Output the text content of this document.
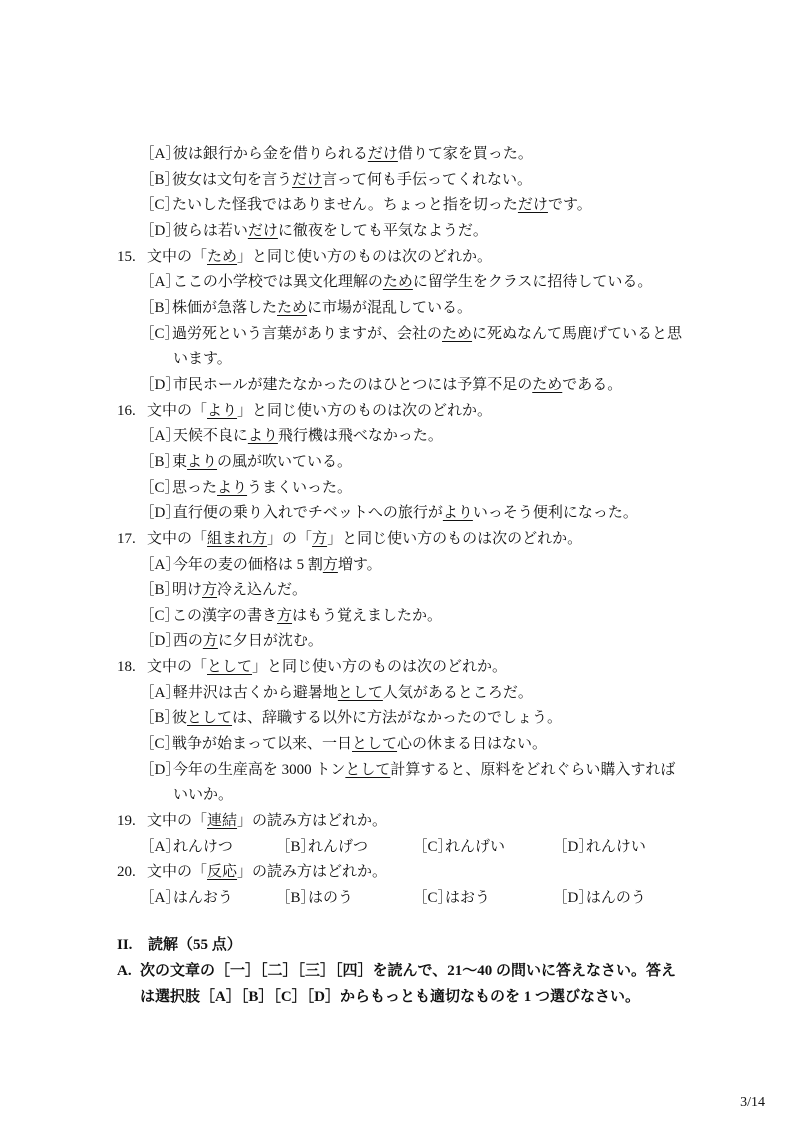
［A］ 彼は銀行から金を借りられる だけ 借りて家を買った。
［B］ 彼女は文句を言う だけ 言って何も手伝ってくれない。
［C］ たいした怪我ではありません。ちょっと指を切った だけ です。
［D］ 彼らは若い だけ に徹夜をしても平気なようだ。
15. 文中の「 ため 」と同じ使い方のものは次のどれか。
［A］ ここの小学校では異文化理解の ため に留学生をクラスに招待している。
［B］ 株価が急落した ため に市場が混乱している。
［C］ 過労死という言葉がありますが、会社の ため に死ぬなんて馬鹿げていると思
います。
［D］ 市民ホールが建たなかったのはひとつには予算不足の ため である。
16. 文中の「 より 」と同じ使い方のものは次のどれか。
［A］ 天候不良に より 飛行機は飛べなかった。
［B］ 東 より の風が吹いている。
［C］ 思った より うまくいった。
［D］ 直行便の乗り入れでチベットへの旅行が より いっそう便利になった。
17. 文中の「 組まれ方 」の「 方 」と同じ使い方のものは次のどれか。
［A］ 今年の麦の価格は 5 割 方 増す。
［B］ 明け 方 冷え込んだ。
［C］ この漢字の書き 方 はもう覚えましたか。
［D］ 西の 方 に夕日が沈む。
18. 文中の「 として 」と同じ使い方のものは次のどれか。
［A］ 軽井沢は古くから避暑地 として 人気があるところだ。
［B］ 彼 として は、辞職する以外に方法がなかったのでしょう。
［C］ 戦争が始まって以来、一日 として 心の休まる日はない。
［D］ 今年の生産高を 3000 トン として 計算すると、原料をどれぐらい購入すれば
いいか。
19. 文中の「 連結 」の読み方はどれか。
［A］ れんけつ	［B］ れんげつ	［C］ れんげい	［D］ れんけい
20. 文中の「 反応 」の読み方はどれか。
［A］ はんおう	［B］ はのう	［C］ はおう	［D］ はんのう
II.	読解（55 点）
A. 次の文章の［一］［二］［三］［四］を読んで、21〜40 の問いに答えなさい。答え
は選択肢［A］［B］［C］［D］からもっとも適切なものを 1 つ選びなさい。
3/14
